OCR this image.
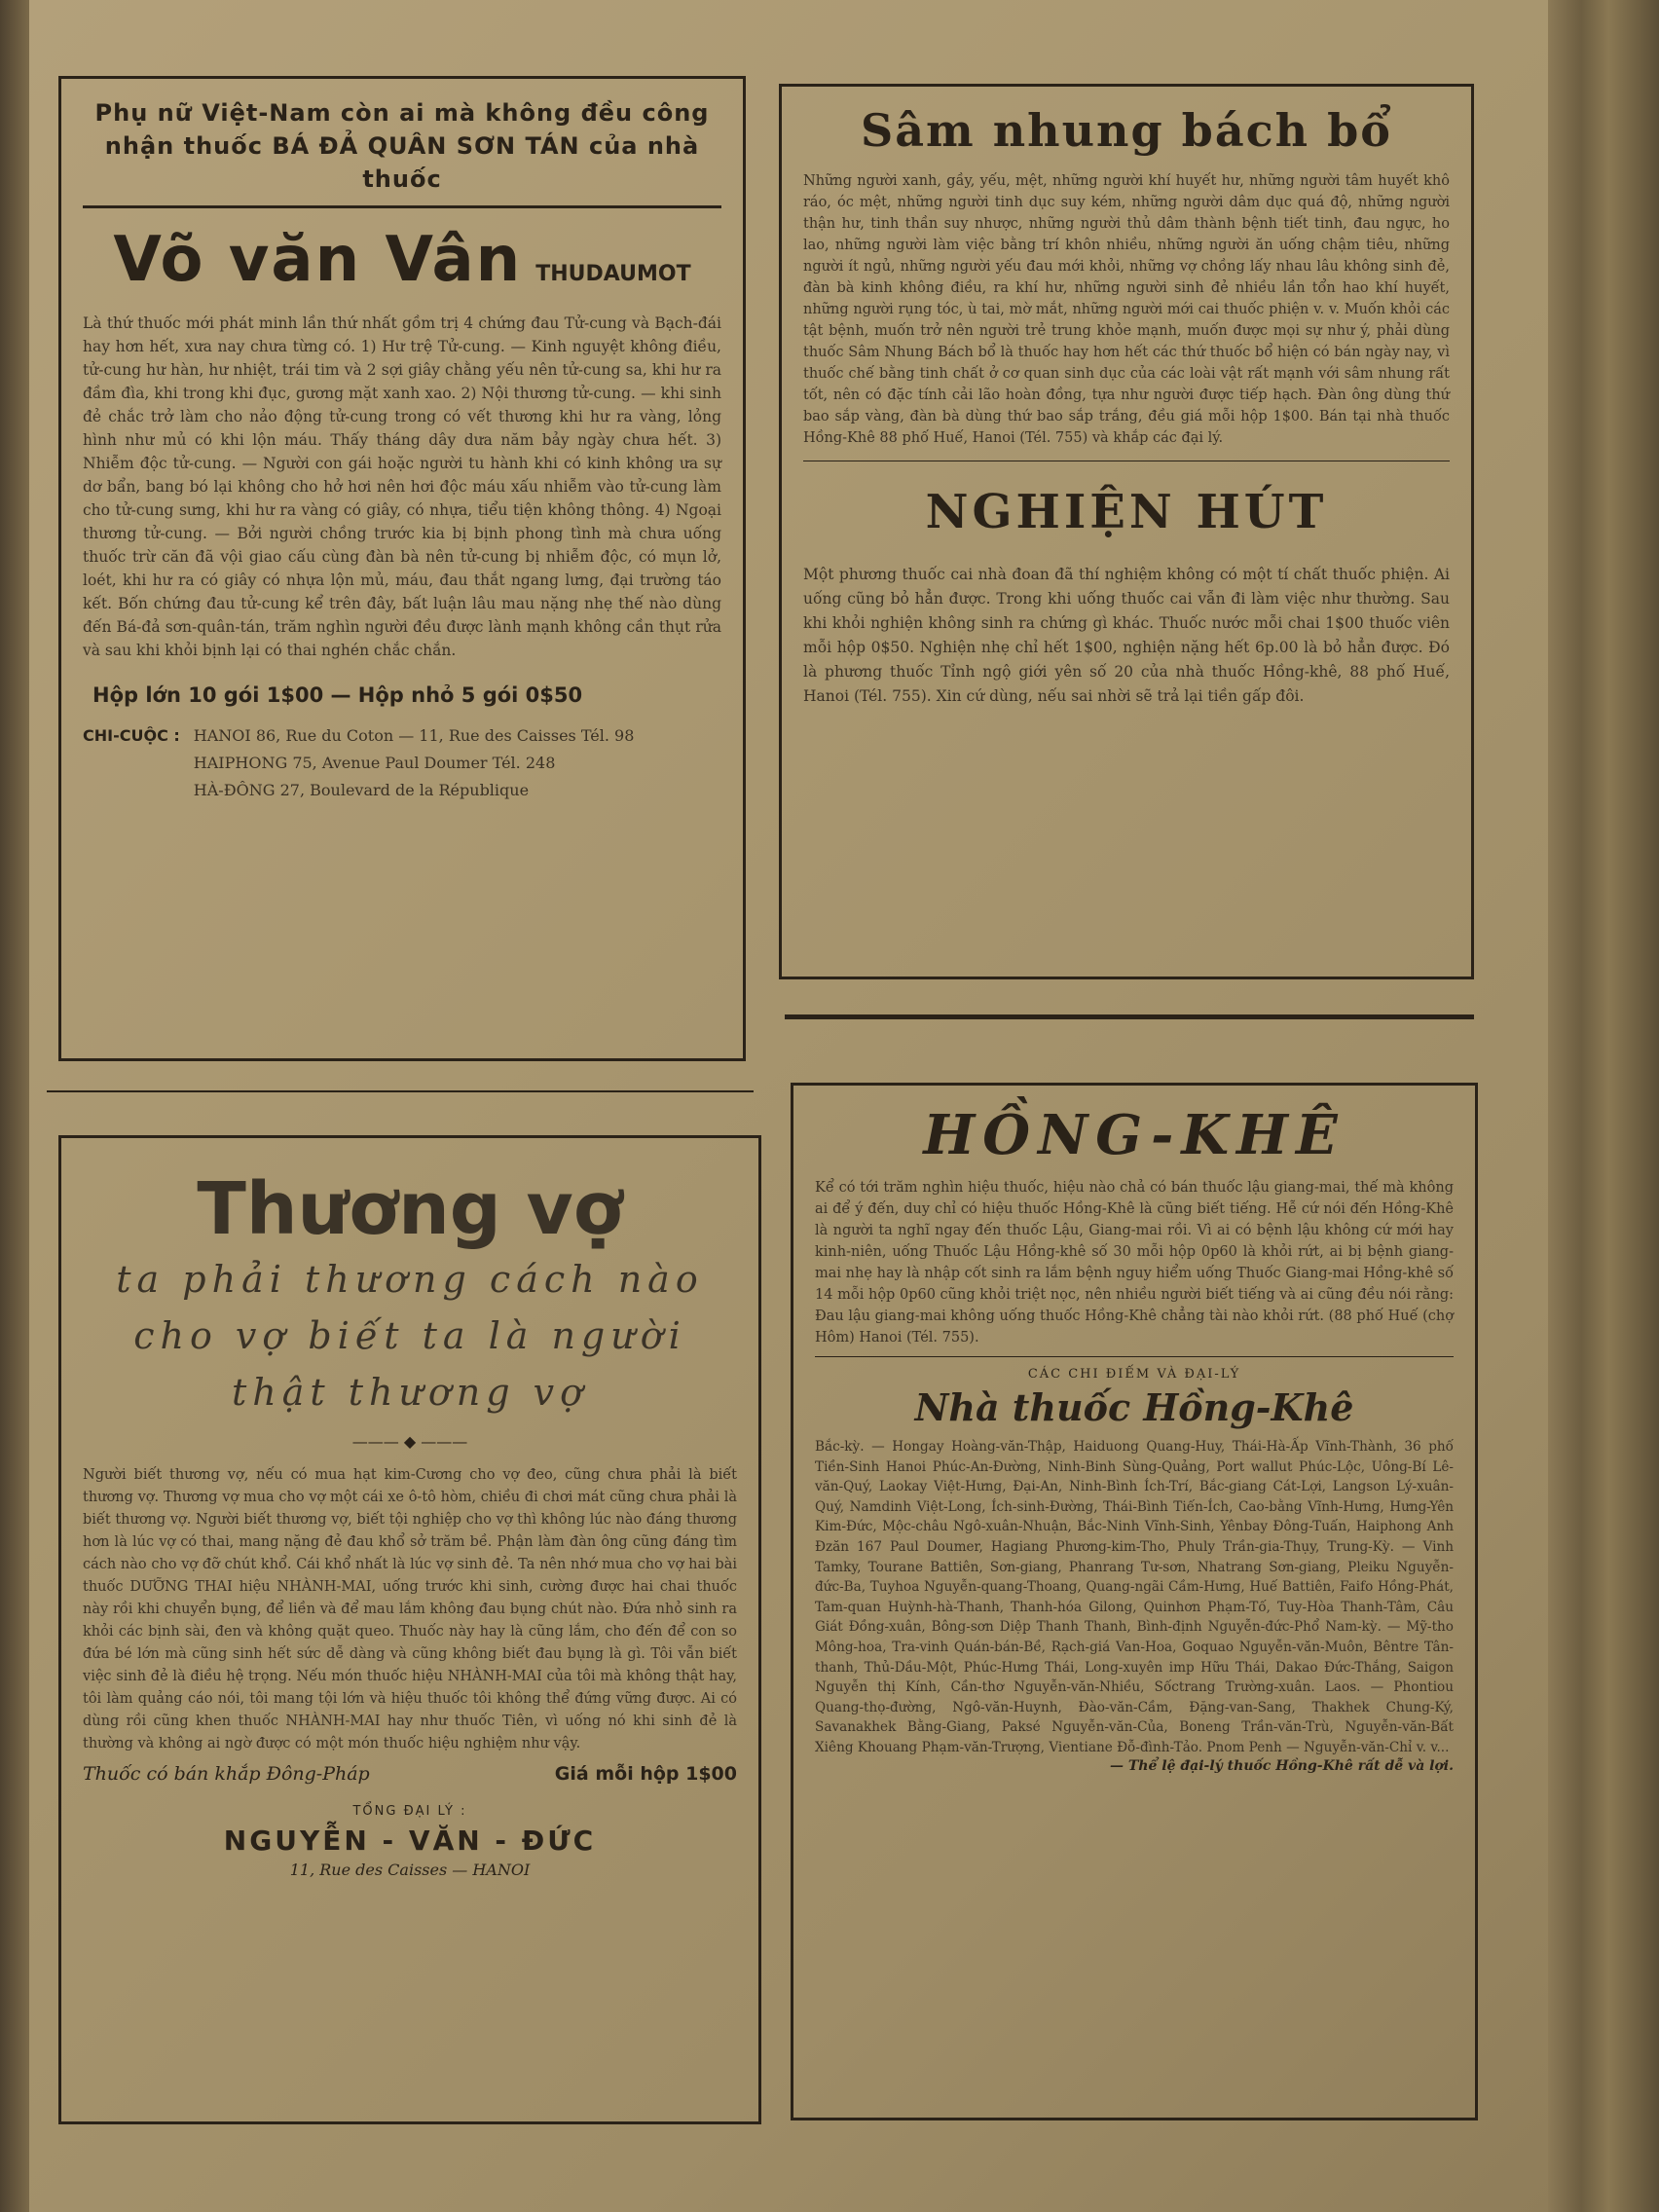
Phụ nữ Việt-Nam còn ai mà không đều công nhận thuốc BÁ ĐẢ QUÂN SƠN TÁN của nhà thuốc
Võ văn Vân THUDAUMOT
Là thứ thuốc mới phát minh lần thứ nhất gồm trị 4 chứng đau Tử-cung và Bạch-đái hay hơn hết, xưa nay chưa từng có. 1) Hư trệ Tử-cung. — Kinh nguyệt không điều, tử-cung hư hàn, hư nhiệt, trái tim và 2 sợi giây chằng yếu nên tử-cung sa, khi hư ra đầm đìa, khi trong khi đục, gương mặt xanh xao. 2) Nội thương tử-cung. — khi sinh đẻ chắc trở làm cho nảo động tử-cung trong có vết thương khi hư ra vàng, lỏng hình như mủ có khi lộn máu. Thấy tháng dây dưa năm bảy ngày chưa hết. 3) Nhiễm độc tử-cung. — Người con gái hoặc người tu hành khi có kinh không ưa sự dơ bẩn, bang bó lại không cho hở hơi nên hơi độc máu xấu nhiễm vào tử-cung làm cho tử-cung sưng, khi hư ra vàng có giây, có nhựa, tiểu tiện không thông. 4) Ngoại thương tử-cung. — Bởi người chồng trước kia bị bịnh phong tình mà chưa uống thuốc trừ căn đã vội giao cấu cùng đàn bà nên tử-cung bị nhiễm độc, có mụn lở, loét, khi hư ra có giây có nhựa lộn mủ, máu, đau thắt ngang lưng, đại trường táo kết. Bốn chứng đau tử-cung kể trên đây, bất luận lâu mau nặng nhẹ thế nào dùng đến Bá-đả sơn-quân-tán, trăm nghìn người đều được lành mạnh không cần thụt rửa và sau khi khỏi bịnh lại có thai nghén chắc chắn.
Hộp lớn 10 gói 1$00 — Hộp nhỏ 5 gói 0$50
CHI-CUỘC : HANOI 86, Rue du Coton — 11, Rue des Caisses Tél. 98
HAIPHONG 75, Avenue Paul Doumer Tél. 248
HÀ-ĐÔNG 27, Boulevard de la République
Sâm nhung bách bổ
Những người xanh, gầy, yếu, mệt, những người khí huyết hư, những người tâm huyết khô ráo, óc mệt, những người tinh dục suy kém, những người dâm dục quá độ, những người thận hư, tinh thần suy nhược, những người thủ dâm thành bệnh tiết tinh, đau ngực, ho lao, những người làm việc bằng trí khôn nhiều, những người ăn uống chậm tiêu, những người ít ngủ, những người yếu đau mới khỏi, những vợ chồng lấy nhau lâu không sinh đẻ, đàn bà kinh không điều, ra khí hư, những người sinh đẻ nhiều lần tổn hao khí huyết, những người rụng tóc, ù tai, mờ mắt, những người mới cai thuốc phiện v. v. Muốn khỏi các tật bệnh, muốn trở nên người trẻ trung khỏe mạnh, muốn được mọi sự như ý, phải dùng thuốc Sâm Nhung Bách bổ là thuốc hay hơn hết các thứ thuốc bổ hiện có bán ngày nay, vì thuốc chế bằng tinh chất ở cơ quan sinh dục của các loài vật rất mạnh với sâm nhung rất tốt, nên có đặc tính cải lão hoàn đồng, tựa như người được tiếp hạch. Đàn ông dùng thứ bao sắp vàng, đàn bà dùng thứ bao sắp trắng, đều giá mỗi hộp 1$00. Bán tại nhà thuốc Hồng-Khê 88 phố Huế, Hanoi (Tél. 755) và khắp các đại lý.
NGHIỆN HÚT
Một phương thuốc cai nhà đoan đã thí nghiệm không có một tí chất thuốc phiện. Ai uống cũng bỏ hẳn được. Trong khi uống thuốc cai vẫn đi làm việc như thường. Sau khi khỏi nghiện không sinh ra chứng gì khác. Thuốc nước mỗi chai 1$00 thuốc viên mỗi hộp 0$50. Nghiện nhẹ chỉ hết 1$00, nghiện nặng hết 6p.00 là bỏ hẳn được. Đó là phương thuốc Tỉnh ngộ giới yên số 20 của nhà thuốc Hồng-khê, 88 phố Huế, Hanoi (Tél. 755). Xin cứ dùng, nếu sai nhời sẽ trả lại tiền gấp đôi.
Thương vợ
ta phải thương cách nào cho vợ biết ta là người thật thương vợ
——— ◆ ———
Người biết thương vợ, nếu có mua hạt kim-Cương cho vợ đeo, cũng chưa phải là biết thương vợ. Thương vợ mua cho vợ một cái xe ô-tô hòm, chiều đi chơi mát cũng chưa phải là biết thương vợ. Người biết thương vợ, biết tội nghiệp cho vợ thì không lúc nào đáng thương hơn là lúc vợ có thai, mang nặng đẻ đau khổ sở trăm bề. Phận làm đàn ông cũng đáng tìm cách nào cho vợ đỡ chút khổ. Cái khổ nhất là lúc vợ sinh đẻ. Ta nên nhớ mua cho vợ hai bài thuốc DƯỠNG THAI hiệu NHÀNH-MAI, uống trước khi sinh, cường được hai chai thuốc này rồi khi chuyển bụng, để liền và để mau lắm không đau bụng chút nào. Đứa nhỏ sinh ra khỏi các bịnh sài, đen và không quặt queo. Thuốc này hay là cũng lắm, cho đến để con so đứa bé lớn mà cũng sinh hết sức dễ dàng và cũng không biết đau bụng là gì. Tôi vẫn biết việc sinh đẻ là điều hệ trọng. Nếu món thuốc hiệu NHÀNH-MAI của tôi mà không thật hay, tôi làm quảng cáo nói, tôi mang tội lớn và hiệu thuốc tôi không thể đứng vững được. Ai có dùng rồi cũng khen thuốc NHÀNH-MAI hay như thuốc Tiên, vì uống nó khi sinh đẻ là thường và không ai ngờ được có một món thuốc hiệu nghiệm như vậy.
Thuốc có bán khắp Đông-Pháp	Giá mỗi hộp 1$00
TỔNG ĐẠI LÝ :
NGUYỄN - VĂN - ĐỨC
11, Rue des Caisses — HANOI
HỒNG-KHÊ
Kể có tới trăm nghìn hiệu thuốc, hiệu nào chả có bán thuốc lậu giang-mai, thế mà không ai để ý đến, duy chỉ có hiệu thuốc Hồng-Khê là cũng biết tiếng. Hễ cứ nói đến Hồng-Khê là người ta nghĩ ngay đến thuốc Lậu, Giang-mai rồi. Vì ai có bệnh lậu không cứ mới hay kinh-niên, uống Thuốc Lậu Hồng-khê số 30 mỗi hộp 0p60 là khỏi rứt, ai bị bệnh giang-mai nhẹ hay là nhập cốt sinh ra lắm bệnh nguy hiểm uống Thuốc Giang-mai Hồng-khê số 14 mỗi hộp 0p60 cũng khỏi triệt nọc, nên nhiều người biết tiếng và ai cũng đều nói rằng: Đau lậu giang-mai không uống thuốc Hồng-Khê chẳng tài nào khỏi rứt. (88 phố Huế (chợ Hôm) Hanoi (Tél. 755).
CÁC CHI ĐIẾM VÀ ĐẠI-LÝ
Nhà thuốc Hồng-Khê
Bắc-kỳ. — Hongay Hoàng-văn-Thập, Haiduong Quang-Huy, Thái-Hà-Ấp Vĩnh-Thành, 36 phố Tiền-Sinh Hanoi Phúc-An-Đường, Ninh-Binh Sùng-Quảng, Port wallut Phúc-Lộc, Uông-Bí Lê-văn-Quý, Laokay Việt-Hưng, Đại-An, Ninh-Bình Ích-Trí, Bắc-giang Cát-Lợi, Langson Lý-xuân-Quý, Namdinh Việt-Long, Ích-sinh-Đường, Thái-Bình Tiến-Ích, Cao-bằng Vĩnh-Hưng, Hưng-Yên Kim-Đức, Mộc-châu Ngô-xuân-Nhuận, Bắc-Ninh Vĩnh-Sinh, Yênbay Đông-Tuấn, Haiphong Anh Đzăn 167 Paul Doumer, Hagiang Phương-kim-Tho, Phuly Trần-gia-Thụy, Trung-Kỳ. — Vinh Tamky, Tourane Battiên, Sơn-giang, Phanrang Tư-sơn, Nhatrang Sơn-giang, Pleiku Nguyễn-đức-Ba, Tuyhoa Nguyễn-quang-Thoang, Quang-ngãi Cầm-Hưng, Huế Battiên, Faifo Hồng-Phát, Tam-quan Huỳnh-hà-Thanh, Thanh-hóa Gilong, Quinhơn Phạm-Tố, Tuy-Hòa Thanh-Tâm, Câu Giát Đồng-xuân, Bông-sơn Diệp Thanh Thanh, Bình-định Nguyễn-đức-Phổ Nam-kỳ. — Mỹ-tho Mông-hoa, Tra-vinh Quán-bán-Bề, Rạch-giá Van-Hoa, Goquao Nguyễn-văn-Muôn, Bêntre Tân-thanh, Thủ-Dầu-Một, Phúc-Hưng Thái, Long-xuyên imp Hữu Thái, Dakao Đức-Thắng, Saigon Nguyễn thị Kính, Cần-thơ Nguyễn-văn-Nhiều, Sốctrang Trường-xuân. Laos. — Phontiou Quang-thọ-đường, Ngô-văn-Huynh, Đào-văn-Cầm, Đặng-van-Sang, Thakhek Chung-Ký, Savanakhek Bằng-Giang, Paksé Nguyễn-văn-Của, Boneng Trần-văn-Trù, Nguyễn-văn-Bất Xiêng Khouang Phạm-văn-Trượng, Vientiane Đỗ-đình-Tảo. Pnom Penh — Nguyễn-văn-Chỉ v. v...
— Thể lệ đại-lý thuốc Hồng-Khê rất dễ và lợi.
